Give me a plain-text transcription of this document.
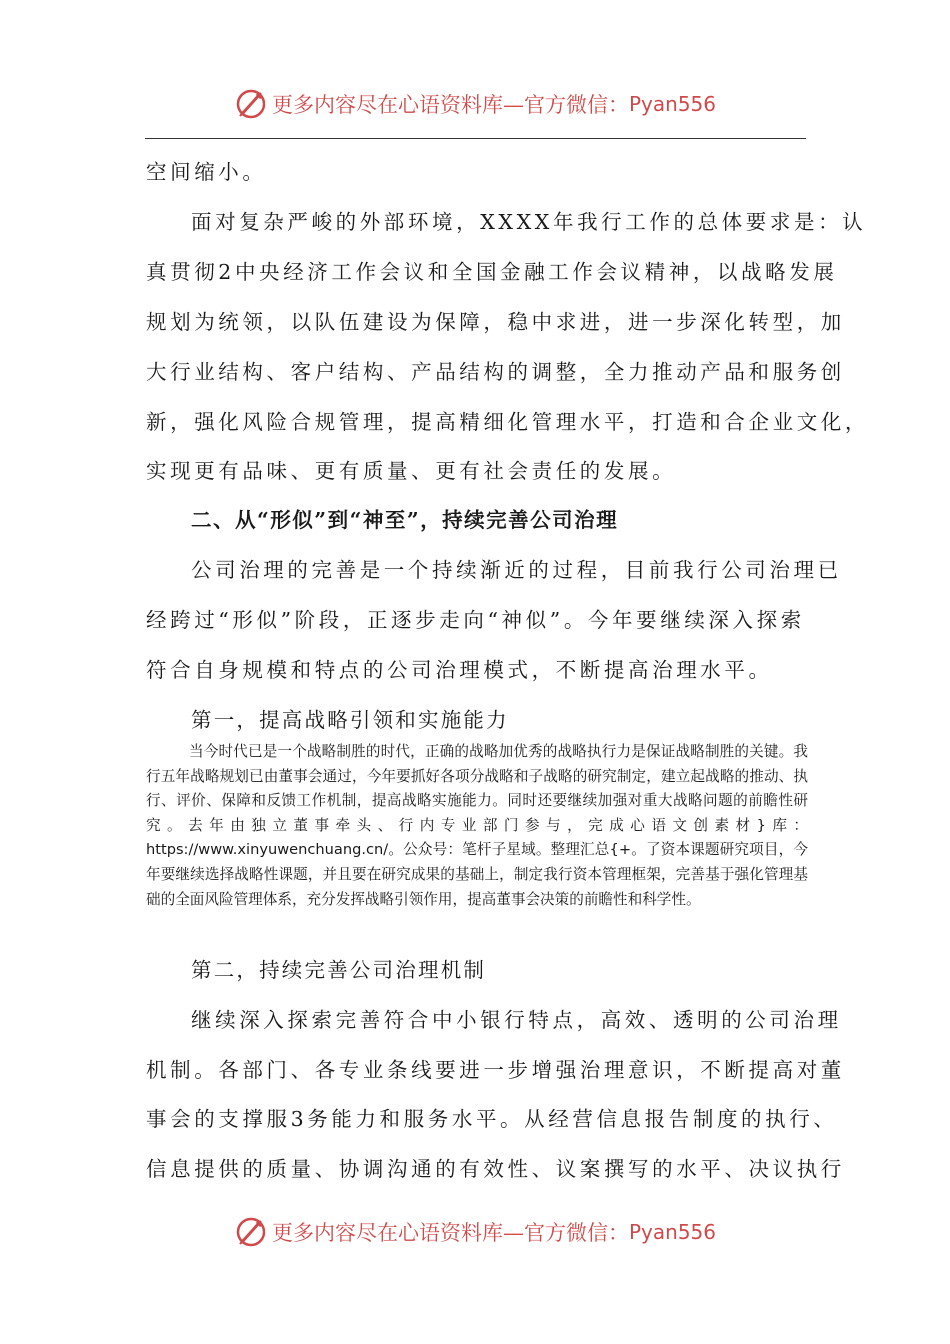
更多内容尽在心语资料库—官方微信： Pyan556
空间缩小。
面对复杂严峻的外部环境，XXXX年我行工作的总体要求是：认
真贯彻2中央经济工作会议和全国金融工作会议精神，以战略发展
规划为统领，以队伍建设为保障，稳中求进，进一步深化转型，加
大行业结构、客户结构、产品结构的调整，全力推动产品和服务创
新，强化风险合规管理，提高精细化管理水平，打造和合企业文化，
实现更有品味、更有质量、更有社会责任的发展。
二、从“形似”到“神至”，持续完善公司治理
公司治理的完善是一个持续渐近的过程，目前我行公司治理已
经跨过“形似”阶段，正逐步走向“神似”。今年要继续深入探索
符合自身规模和特点的公司治理模式，不断提高治理水平。
第一，提高战略引领和实施能力

当今时代已是一个战略制胜的时代，正确的战略加优秀的战略执行力是保证战略制胜的关键。我行五年战略规划已由董事会通过，今年要抓好各项分战略和子战略的研究制定，建立起战略的推动、执行、评价、保障和反馈工作机制，提高战略实施能力。同时还要继续加强对重大战略问题的前瞻性研究。去年由独立董事牵头、行内专业部门参与，完成心语文创素材}库：https://www.xinyuwenchuang.cn/。公众号：笔杆子星域。整理汇总{+。了资本课题研究项目，今年要继续选择战略性课题，并且要在研究成果的基础上，制定我行资本管理框架，完善基于强化管理基础的全面风险管理体系，充分发挥战略引领作用，提高董事会决策的前瞻性和科学性。

第二，持续完善公司治理机制
继续深入探索完善符合中小银行特点，高效、透明的公司治理
机制。各部门、各专业条线要进一步增强治理意识，不断提高对董
事会的支撑服3务能力和服务水平。从经营信息报告制度的执行、
信息提供的质量、协调沟通的有效性、议案撰写的水平、决议执行
更多内容尽在心语资料库—官方微信： Pyan556
